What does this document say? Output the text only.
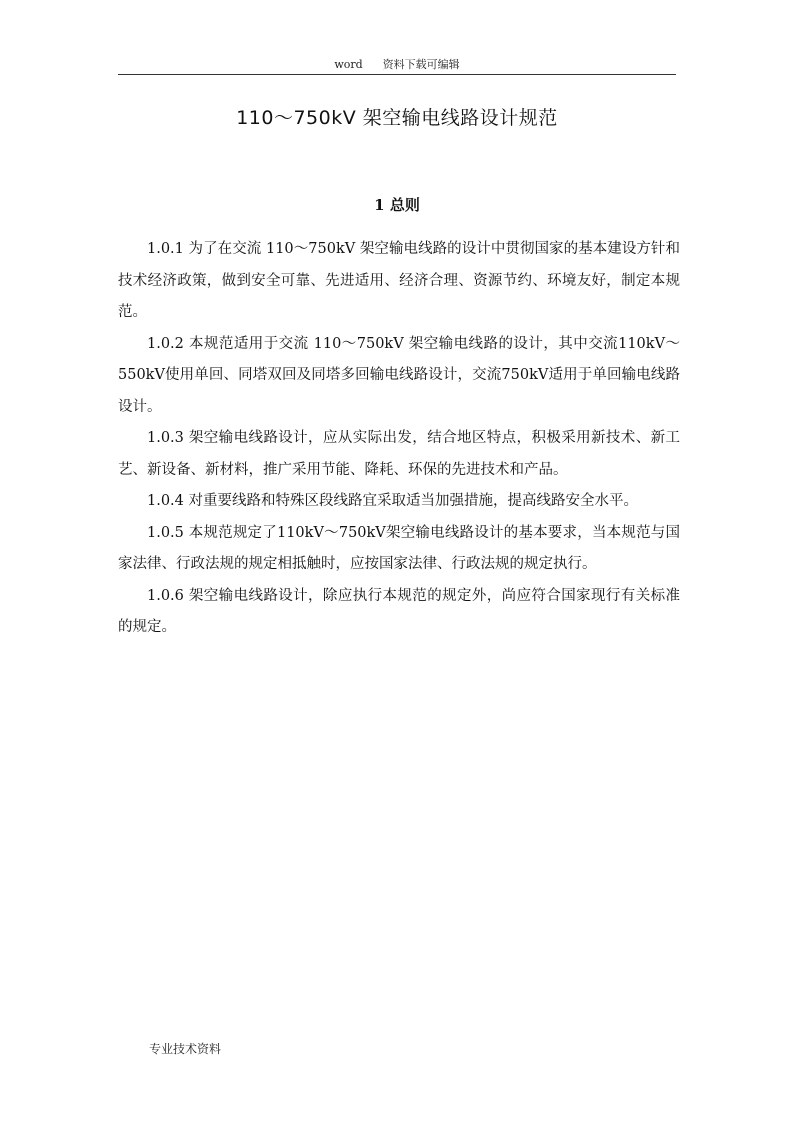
word 资料下载可编辑
110～750kV 架空输电线路设计规范
1 总则

1.0.1 为了在交流 110～750kV 架空输电线路的设计中贯彻国家的基本建设方针和技术经济政策，做到安全可靠、先进适用、经济合理、资源节约、环境友好，制定本规范。

1.0.2 本规范适用于交流 110～750kV 架空输电线路的设计，其中交流110kV～550kV使用单回、同塔双回及同塔多回输电线路设计，交流750kV适用于单回输电线路设计。

1.0.3 架空输电线路设计，应从实际出发，结合地区特点，积极采用新技术、新工艺、新设备、新材料，推广采用节能、降耗、环保的先进技术和产品。

1.0.4 对重要线路和特殊区段线路宜采取适当加强措施，提高线路安全水平。

1.0.5 本规范规定了110kV～750kV架空输电线路设计的基本要求，当本规范与国家法律、行政法规的规定相抵触时，应按国家法律、行政法规的规定执行。

1.0.6 架空输电线路设计，除应执行本规范的规定外，尚应符合国家现行有关标准的规定。

专业技术资料
